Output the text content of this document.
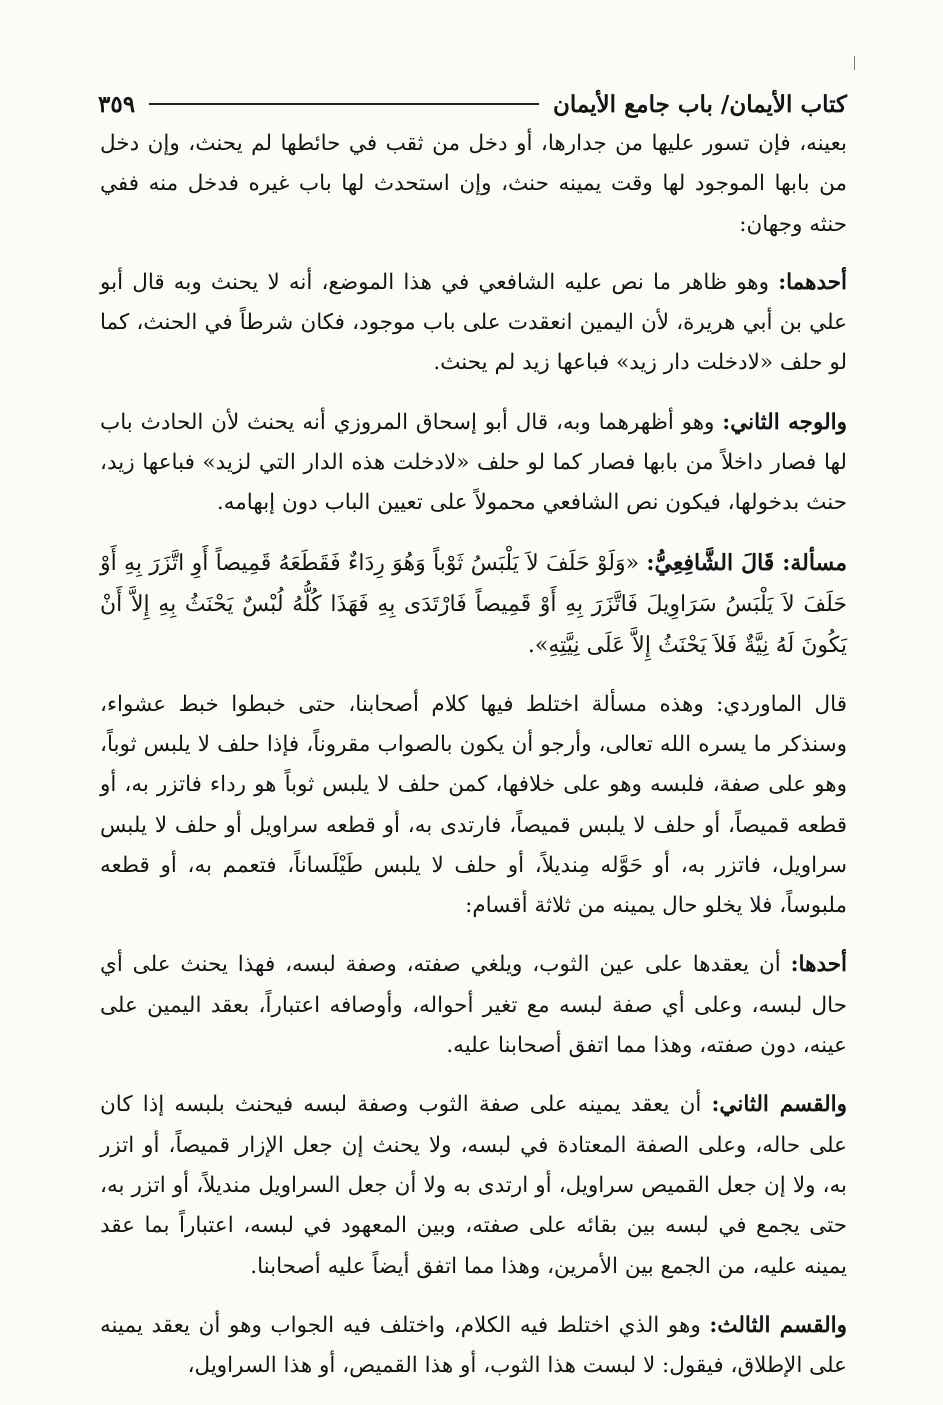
كتاب الأيمان/ باب جامع الأيمان
٣٥٩

بعينه، فإن تسور عليها من جدارها، أو دخل من ثقب في حائطها لم يحنث، وإن دخل من بابها الموجود لها وقت يمينه حنث، وإن استحدث لها باب غيره فدخل منه ففي حنثه وجهان:

أحدهما: وهو ظاهر ما نص عليه الشافعي في هذا الموضع، أنه لا يحنث وبه قال أبو علي بن أبي هريرة، لأن اليمين انعقدت على باب موجود، فكان شرطاً في الحنث، كما لو حلف «لادخلت دار زيد» فباعها زيد لم يحنث.

والوجه الثاني: وهو أظهرهما وبه، قال أبو إسحاق المروزي أنه يحنث لأن الحادث باب لها فصار داخلاً من بابها فصار كما لو حلف «لادخلت هذه الدار التي لزيد» فباعها زيد، حنث بدخولها، فيكون نص الشافعي محمولاً على تعيين الباب دون إبهامه.

مسألة: قَالَ الشَّافِعِيُّ: «وَلَوْ حَلَفَ لاَ يَلْبَسُ ثَوْباً وَهُوَ رِدَاءٌ فَقَطَعَهُ قَمِيصاً أَوِ اتَّزَرَ بِهِ أَوْ حَلَفَ لاَ يَلْبَسُ سَرَاوِيلَ فَاتَّزَرَ بِهِ أَوْ قَمِيصاً فَارْتَدَى بِهِ فَهَذَا كُلُّهُ لُبْسٌ يَحْنَثُ بِهِ إِلاَّ أَنْ يَكُونَ لَهُ نِيَّةٌ فَلاَ يَحْنَثُ إِلاَّ عَلَى نِيَّتِهِ».

قال الماوردي: وهذه مسألة اختلط فيها كلام أصحابنا، حتى خبطوا خبط عشواء، وسنذكر ما يسره الله تعالى، وأرجو أن يكون بالصواب مقروناً، فإذا حلف لا يلبس ثوباً، وهو على صفة، فلبسه وهو على خلافها، كمن حلف لا يلبس ثوباً هو رداء فاتزر به، أو قطعه قميصاً، أو حلف لا يلبس قميصاً، فارتدى به، أو قطعه سراويل أو حلف لا يلبس سراويل، فاتزر به، أو حَوَّله مِنديلاً، أو حلف لا يلبس طَيْلَساناً، فتعمم به، أو قطعه ملبوساً، فلا يخلو حال يمينه من ثلاثة أقسام:

أحدها: أن يعقدها على عين الثوب، ويلغي صفته، وصفة لبسه، فهذا يحنث على أي حال لبسه، وعلى أي صفة لبسه مع تغير أحواله، وأوصافه اعتباراً، بعقد اليمين على عينه، دون صفته، وهذا مما اتفق أصحابنا عليه.

والقسم الثاني: أن يعقد يمينه على صفة الثوب وصفة لبسه فيحنث بلبسه إذا كان على حاله، وعلى الصفة المعتادة في لبسه، ولا يحنث إن جعل الإزار قميصاً، أو اتزر به، ولا إن جعل القميص سراويل، أو ارتدى به ولا أن جعل السراويل منديلاً، أو اتزر به، حتى يجمع في لبسه بين بقائه على صفته، وبين المعهود في لبسه، اعتباراً بما عقد يمينه عليه، من الجمع بين الأمرين، وهذا مما اتفق أيضاً عليه أصحابنا.

والقسم الثالث: وهو الذي اختلط فيه الكلام، واختلف فيه الجواب وهو أن يعقد يمينه على الإطلاق، فيقول: لا لبست هذا الثوب، أو هذا القميص، أو هذا السراويل،
